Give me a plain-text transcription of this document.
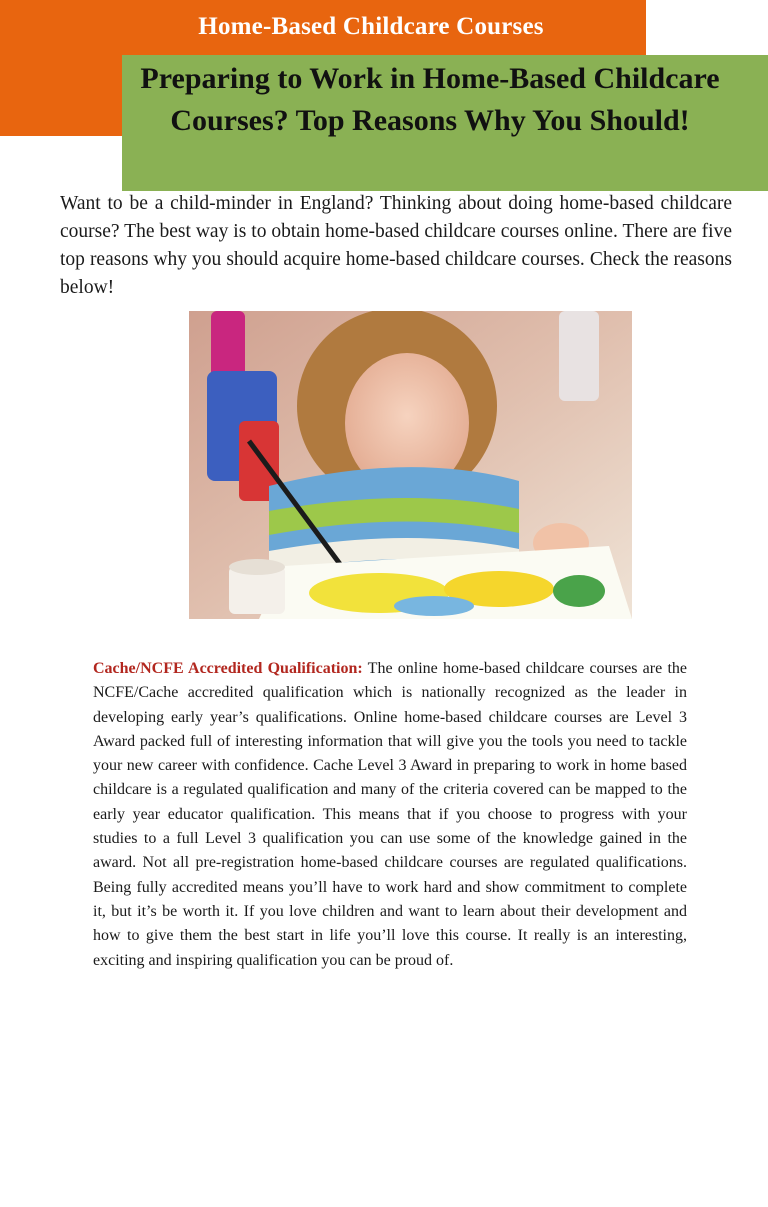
Home-Based Childcare Courses
Preparing to Work in Home-Based Childcare Courses? Top Reasons Why You Should!

Want to be a child-minder in England? Thinking about doing home-based childcare course? The best way is to obtain home-based childcare courses online. There are five top reasons why you should acquire home-based childcare courses. Check the reasons below!

Cache/NCFE Accredited Qualification: The online home-based childcare courses are the NCFE/Cache accredited qualification which is nationally recognized as the leader in developing early year’s qualifications. Online home-based childcare courses are Level 3 Award packed full of interesting information that will give you the tools you need to tackle your new career with confidence. Cache Level 3 Award in preparing to work in home based childcare is a regulated qualification and many of the criteria covered can be mapped to the early year educator qualification. This means that if you choose to progress with your studies to a full Level 3 qualification you can use some of the knowledge gained in the award. Not all pre-registration home-based childcare courses are regulated qualifications. Being fully accredited means you’ll have to work hard and show commitment to complete it, but it’s be worth it. If you love children and want to learn about their development and how to give them the best start in life you’ll love this course. It really is an interesting, exciting and inspiring qualification you can be proud of.
